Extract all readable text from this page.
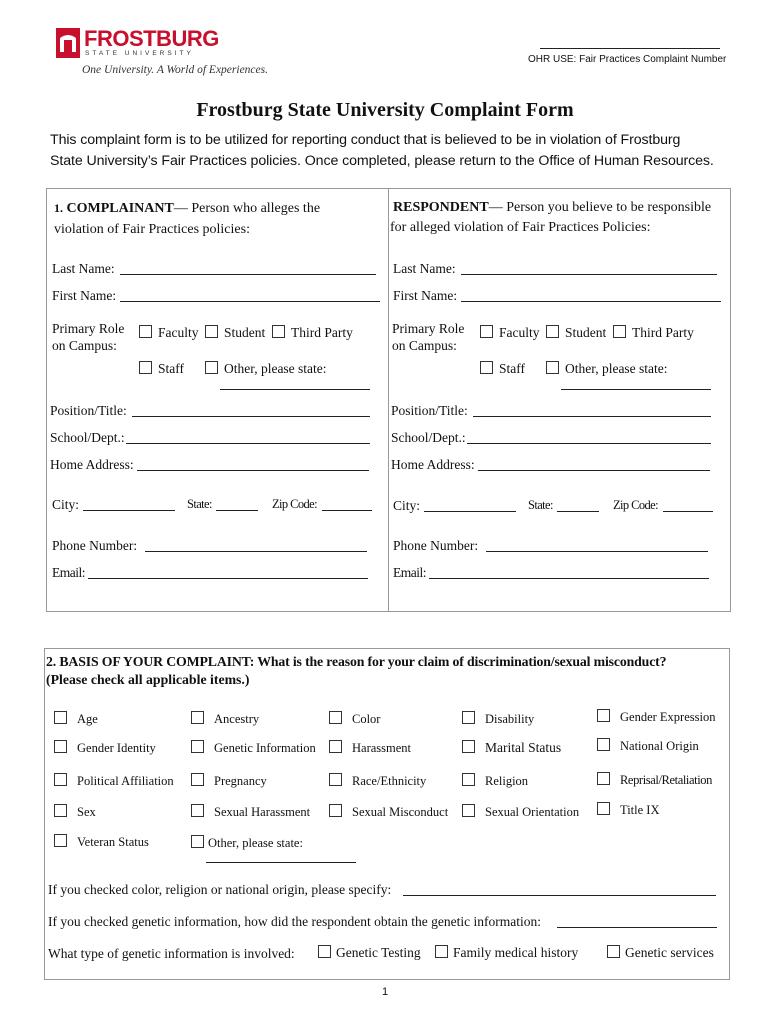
FROSTBURG
STATE UNIVERSITY
One University. A World of Experiences.
OHR USE: Fair Practices Complaint Number
Frostburg State University Complaint Form
This complaint form is to be utilized for reporting conduct that is believed to be in violation of Frostburg
State University’s Fair Practices policies. Once completed, please return to the Office of Human Resources.
1. COMPLAINANT— Person who alleges the
violation of Fair Practices policies:
Last Name:
First Name:
Primary Role
on Campus:
Faculty	Student	Third Party
Staff	Other, please state:
Position/Title:
School/Dept.:
Home Address:
City:	State:	Zip Code:
Phone Number:
Email:
RESPONDENT— Person you believe to be responsible
for alleged violation of Fair Practices Policies:
Last Name:
First Name:
Primary Role
on Campus:
Faculty	Student	Third Party
Staff	Other, please state:
Position/Title:
School/Dept.:
Home Address:
City:	State:	Zip Code:
Phone Number:
Email:
2. BASIS OF YOUR COMPLAINT: What is the reason for your claim of discrimination/sexual misconduct?
(Please check all applicable items.)
Age	Ancestry	Color	Disability	Gender Expression
Gender Identity	Genetic Information	Harassment	Marital Status	National Origin
Political Affiliation	Pregnancy	Race/Ethnicity	Religion	Reprisal/Retaliation
Sex	Sexual Harassment	Sexual Misconduct	Sexual Orientation	Title IX
Veteran Status	Other, please state:
If you checked color, religion or national origin, please specify:
If you checked genetic information, how did the respondent obtain the genetic information:
What type of genetic information is involved:	Genetic Testing	Family medical history	Genetic services
1
